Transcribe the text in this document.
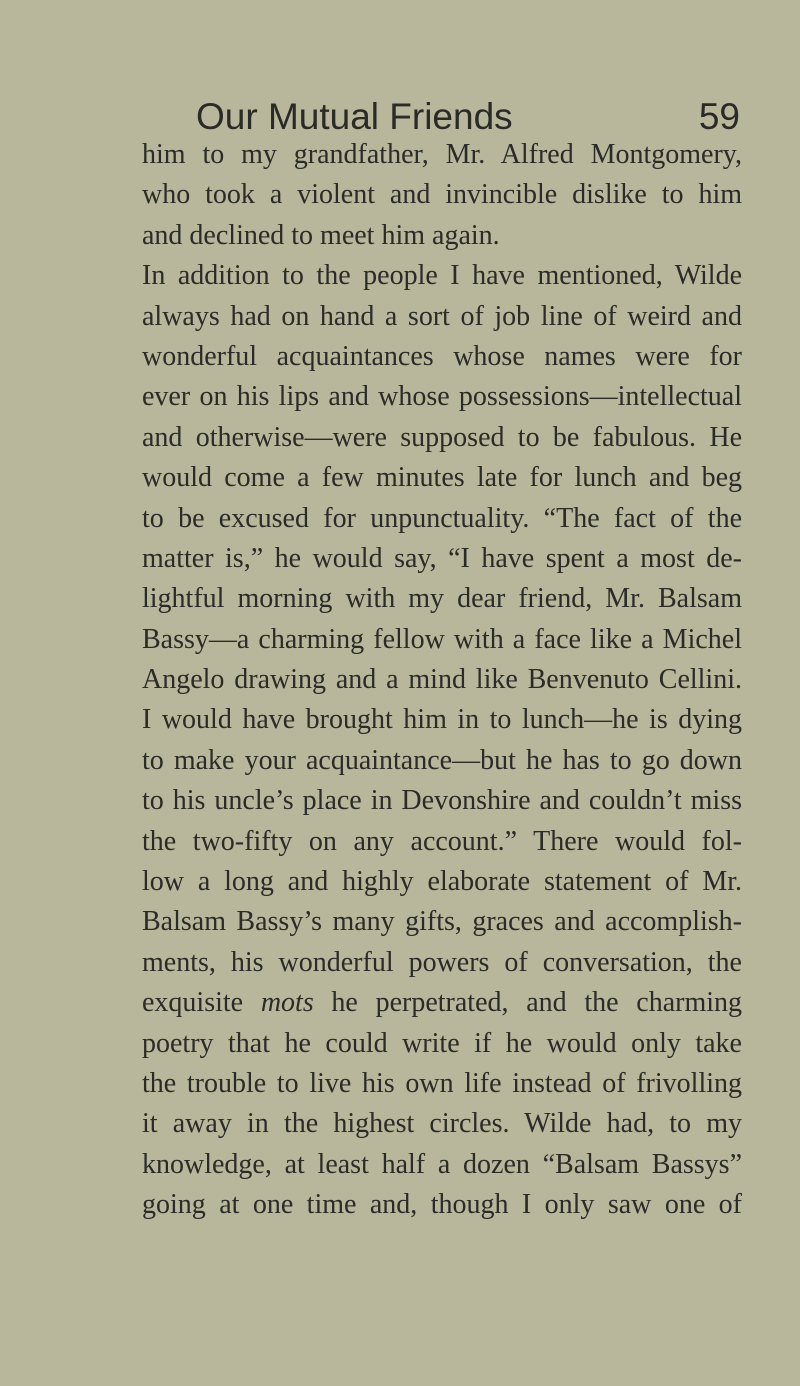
Our Mutual Friends	59
him to my grandfather, Mr. Alfred Montgomery,
who took a violent and invincible dislike to him
and declined to meet him again.
In addition to the people I have mentioned, Wilde
always had on hand a sort of job line of weird and
wonderful acquaintances whose names were for
ever on his lips and whose possessions—intellectual
and otherwise—were supposed to be fabulous. He
would come a few minutes late for lunch and beg
to be excused for unpunctuality. “The fact of the
matter is,” he would say, “I have spent a most de-
lightful morning with my dear friend, Mr. Balsam
Bassy—a charming fellow with a face like a Michel
Angelo drawing and a mind like Benvenuto Cellini.
I would have brought him in to lunch—he is dying
to make your acquaintance—but he has to go down
to his uncle’s place in Devonshire and couldn’t miss
the two-fifty on any account.” There would fol-
low a long and highly elaborate statement of Mr.
Balsam Bassy’s many gifts, graces and accomplish-
ments, his wonderful powers of conversation, the
exquisite mots he perpetrated, and the charming
poetry that he could write if he would only take
the trouble to live his own life instead of frivolling
it away in the highest circles. Wilde had, to my
knowledge, at least half a dozen “Balsam Bassys”
going at one time and, though I only saw one of
